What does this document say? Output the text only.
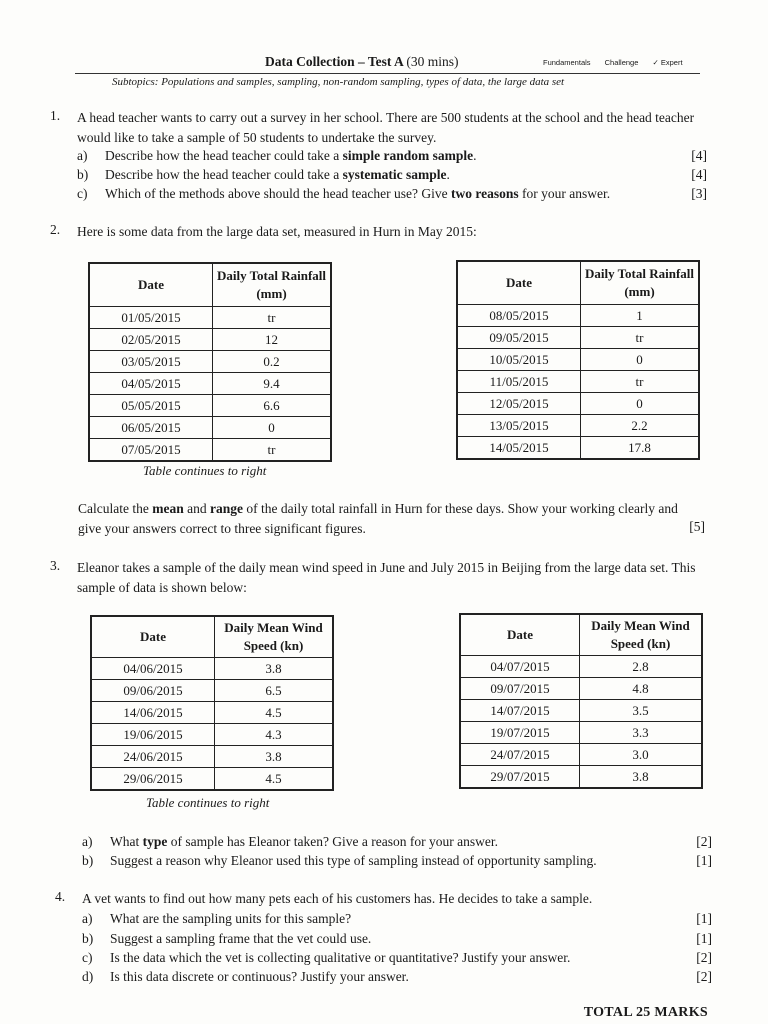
Data Collection – Test A (30 mins)	Fundamentals Challenge ✓ Expert
Subtopics: Populations and samples, sampling, non-random sampling, types of data, the large data set
1. A head teacher wants to carry out a survey in her school. There are 500 students at the school and the head teacher would like to take a sample of 50 students to undertake the survey.
a) Describe how the head teacher could take a simple random sample.	[4]
b) Describe how the head teacher could take a systematic sample.	[4]
c) Which of the methods above should the head teacher use? Give two reasons for your answer.	[3]
2. Here is some data from the large data set, measured in Hurn in May 2015:
Date	Daily Total Rainfall (mm)
01/05/2015	tr
02/05/2015	12
03/05/2015	0.2
04/05/2015	9.4
05/05/2015	6.6
06/05/2015	0
07/05/2015	tr
Table continues to right
Date	Daily Total Rainfall (mm)
08/05/2015	1
09/05/2015	tr
10/05/2015	0
11/05/2015	tr
12/05/2015	0
13/05/2015	2.2
14/05/2015	17.8
Calculate the mean and range of the daily total rainfall in Hurn for these days. Show your working clearly and give your answers correct to three significant figures.	[5]
3. Eleanor takes a sample of the daily mean wind speed in June and July 2015 in Beijing from the large data set. This sample of data is shown below:
Date	Daily Mean Wind Speed (kn)
04/06/2015	3.8
09/06/2015	6.5
14/06/2015	4.5
19/06/2015	4.3
24/06/2015	3.8
29/06/2015	4.5
Table continues to right
Date	Daily Mean Wind Speed (kn)
04/07/2015	2.8
09/07/2015	4.8
14/07/2015	3.5
19/07/2015	3.3
24/07/2015	3.0
29/07/2015	3.8
a) What type of sample has Eleanor taken? Give a reason for your answer.	[2]
b) Suggest a reason why Eleanor used this type of sampling instead of opportunity sampling.	[1]
4. A vet wants to find out how many pets each of his customers has. He decides to take a sample.
a) What are the sampling units for this sample?	[1]
b) Suggest a sampling frame that the vet could use.	[1]
c) Is the data which the vet is collecting qualitative or quantitative? Justify your answer.	[2]
d) Is this data discrete or continuous? Justify your answer.	[2]
TOTAL 25 MARKS
